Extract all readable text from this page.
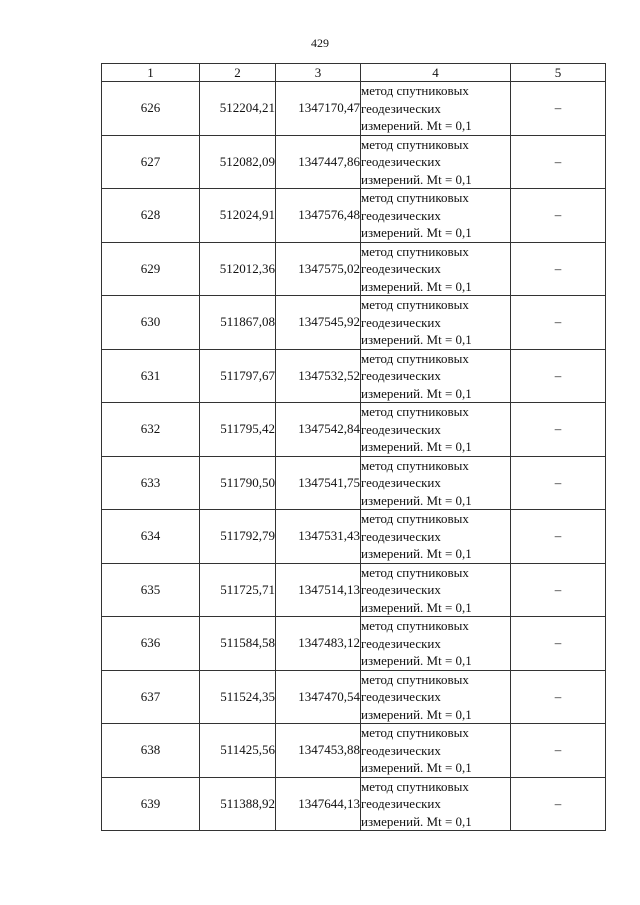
429
1	2	3	4	5
626	512204,21	1347170,47	метод спутниковых
геодезических
измерений. Mt = 0,1	–
627	512082,09	1347447,86	метод спутниковых
геодезических
измерений. Mt = 0,1	–
628	512024,91	1347576,48	метод спутниковых
геодезических
измерений. Mt = 0,1	–
629	512012,36	1347575,02	метод спутниковых
геодезических
измерений. Mt = 0,1	–
630	511867,08	1347545,92	метод спутниковых
геодезических
измерений. Mt = 0,1	–
631	511797,67	1347532,52	метод спутниковых
геодезических
измерений. Mt = 0,1	–
632	511795,42	1347542,84	метод спутниковых
геодезических
измерений. Mt = 0,1	–
633	511790,50	1347541,75	метод спутниковых
геодезических
измерений. Mt = 0,1	–
634	511792,79	1347531,43	метод спутниковых
геодезических
измерений. Mt = 0,1	–
635	511725,71	1347514,13	метод спутниковых
геодезических
измерений. Mt = 0,1	–
636	511584,58	1347483,12	метод спутниковых
геодезических
измерений. Mt = 0,1	–
637	511524,35	1347470,54	метод спутниковых
геодезических
измерений. Mt = 0,1	–
638	511425,56	1347453,88	метод спутниковых
геодезических
измерений. Mt = 0,1	–
639	511388,92	1347644,13	метод спутниковых
геодезических
измерений. Mt = 0,1	–
